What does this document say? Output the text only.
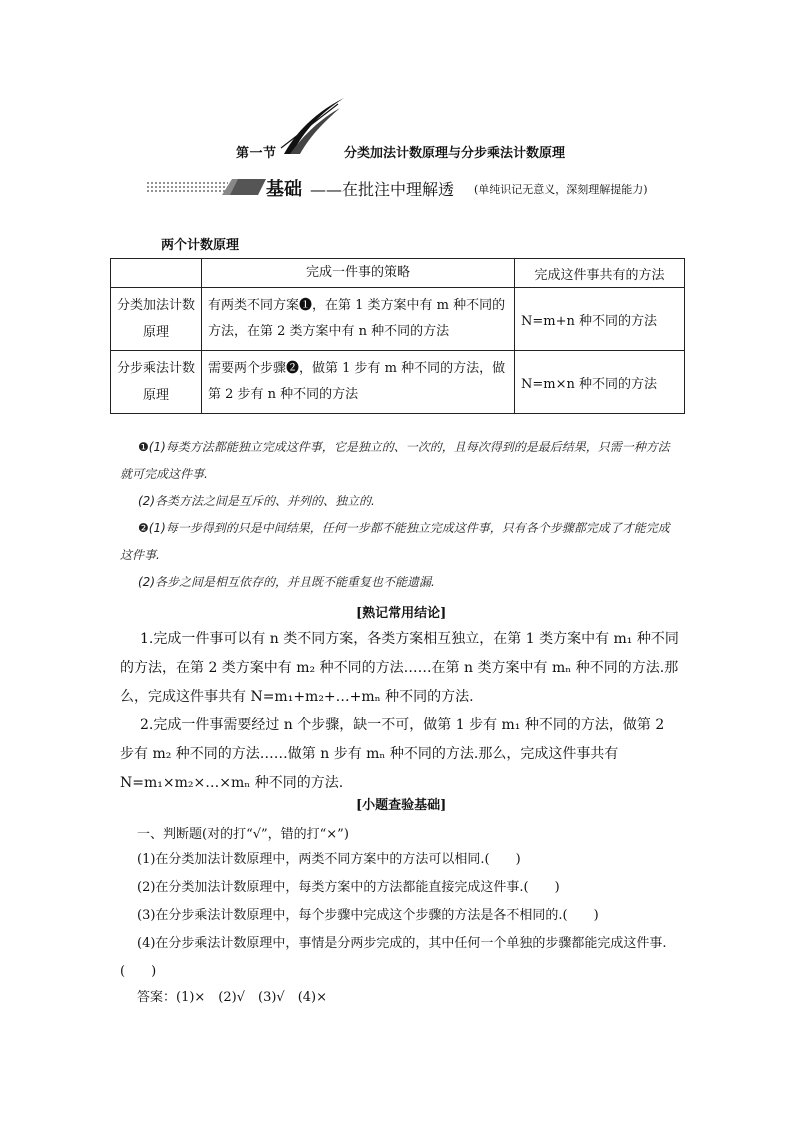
第一节	分类加法计数原理与分步乘法计数原理
基础 ——在批注中理解透 (单纯识记无意义，深刻理解提能力)
两个计数原理
	完成一件事的策略	完成这件事共有的方法
分类加法计数原理	有两类不同方案❶，在第 1 类方案中有 m 种不同的方法，在第 2 类方案中有 n 种不同的方法	N=m+n 种不同的方法
分步乘法计数原理	需要两个步骤❷，做第 1 步有 m 种不同的方法，做第 2 步有 n 种不同的方法	N=m×n 种不同的方法
❶(1)每类方法都能独立完成这件事，它是独立的、一次的，且每次得到的是最后结果，只需一种方法就可完成这件事.
(2)各类方法之间是互斥的、并列的、独立的.
❷(1)每一步得到的只是中间结果，任何一步都不能独立完成这件事，只有各个步骤都完成了才能完成这件事.
(2)各步之间是相互依存的，并且既不能重复也不能遗漏.
[熟记常用结论]
1.完成一件事可以有 n 类不同方案，各类方案相互独立，在第 1 类方案中有 m₁ 种不同的方法，在第 2 类方案中有 m₂ 种不同的方法……在第 n 类方案中有 mₙ 种不同的方法.那么，完成这件事共有 N=m₁+m₂+…+mₙ 种不同的方法.
2.完成一件事需要经过 n 个步骤，缺一不可，做第 1 步有 m₁ 种不同的方法，做第 2 步有 m₂ 种不同的方法……做第 n 步有 mₙ 种不同的方法.那么，完成这件事共有 N=m₁×m₂×…×mₙ 种不同的方法.
[小题查验基础]
一、判断题(对的打“√”，错的打“×”)
(1)在分类加法计数原理中，两类不同方案中的方法可以相同.(　　)
(2)在分类加法计数原理中，每类方案中的方法都能直接完成这件事.(　　)
(3)在分步乘法计数原理中，每个步骤中完成这个步骤的方法是各不相同的.(　　)
(4)在分步乘法计数原理中，事情是分两步完成的，其中任何一个单独的步骤都能完成这件事.(　　)
答案：(1)×　(2)√　(3)√　(4)×
